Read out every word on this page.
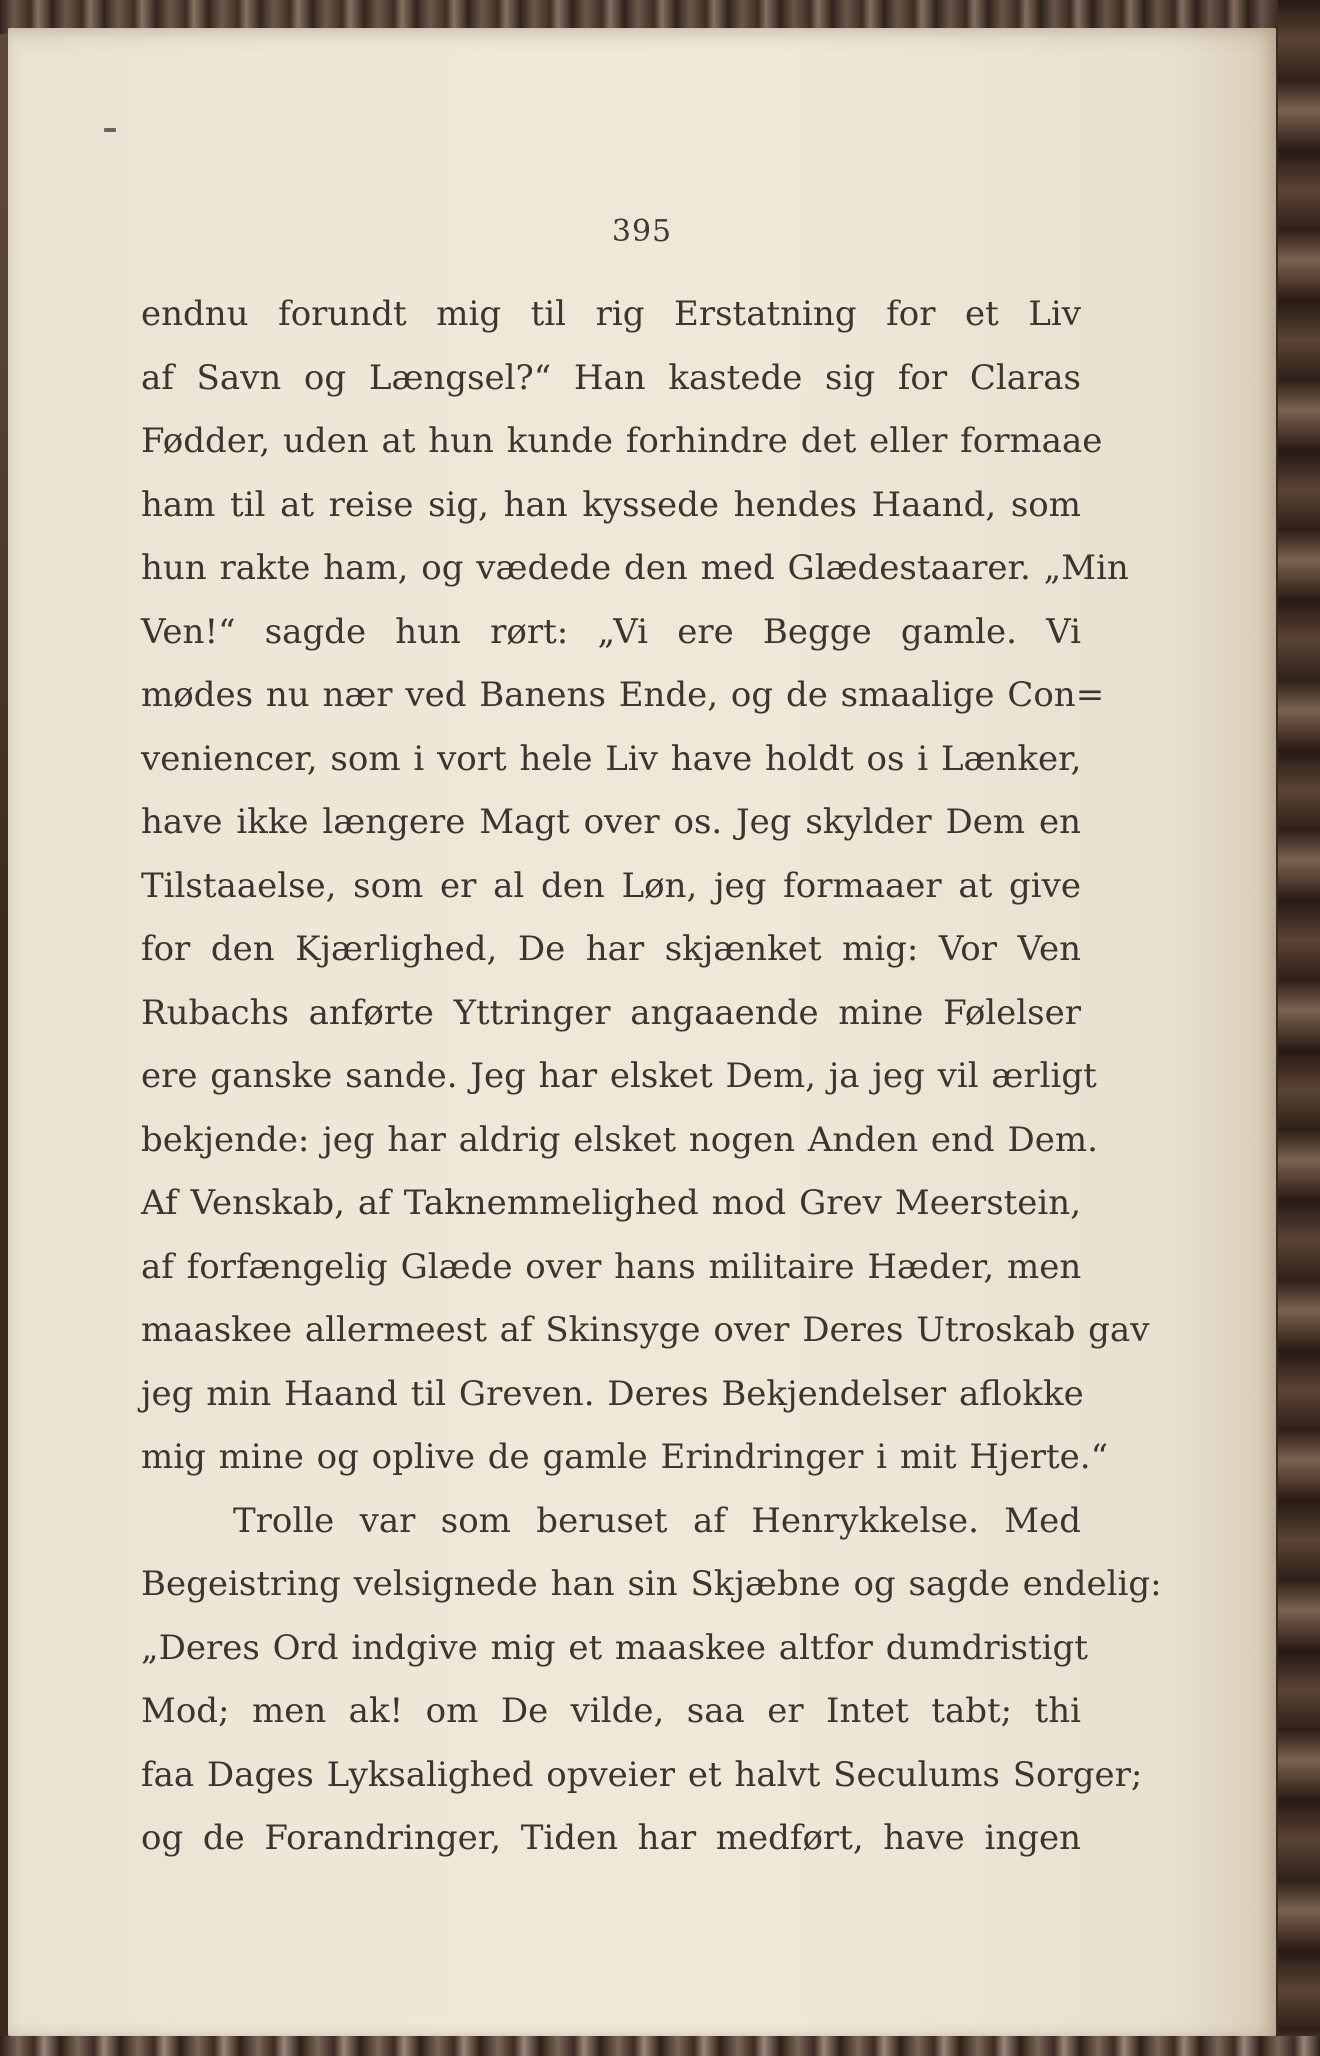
395
endnu forundt mig til rig Erstatning for et Liv
af Savn og Længsel?“ Han kastede sig for Claras
Fødder, uden at hun kunde forhindre det eller formaae
ham til at reise sig, han kyssede hendes Haand, som
hun rakte ham, og vædede den med Glædestaarer. „Min
Ven!“ sagde hun rørt: „Vi ere Begge gamle. Vi
mødes nu nær ved Banens Ende, og de smaalige Con=
veniencer, som i vort hele Liv have holdt os i Lænker,
have ikke længere Magt over os. Jeg skylder Dem en
Tilstaaelse, som er al den Løn, jeg formaaer at give
for den Kjærlighed, De har skjænket mig: Vor Ven
Rubachs anførte Yttringer angaaende mine Følelser
ere ganske sande. Jeg har elsket Dem, ja jeg vil ærligt
bekjende: jeg har aldrig elsket nogen Anden end Dem.
Af Venskab, af Taknemmelighed mod Grev Meerstein,
af forfængelig Glæde over hans militaire Hæder, men
maaskee allermeest af Skinsyge over Deres Utroskab gav
jeg min Haand til Greven. Deres Bekjendelser aflokke
mig mine og oplive de gamle Erindringer i mit Hjerte.“
Trolle var som beruset af Henrykkelse. Med
Begeistring velsignede han sin Skjæbne og sagde endelig:
„Deres Ord indgive mig et maaskee altfor dumdristigt
Mod; men ak! om De vilde, saa er Intet tabt; thi
faa Dages Lyksalighed opveier et halvt Seculums Sorger;
og de Forandringer, Tiden har medført, have ingen
